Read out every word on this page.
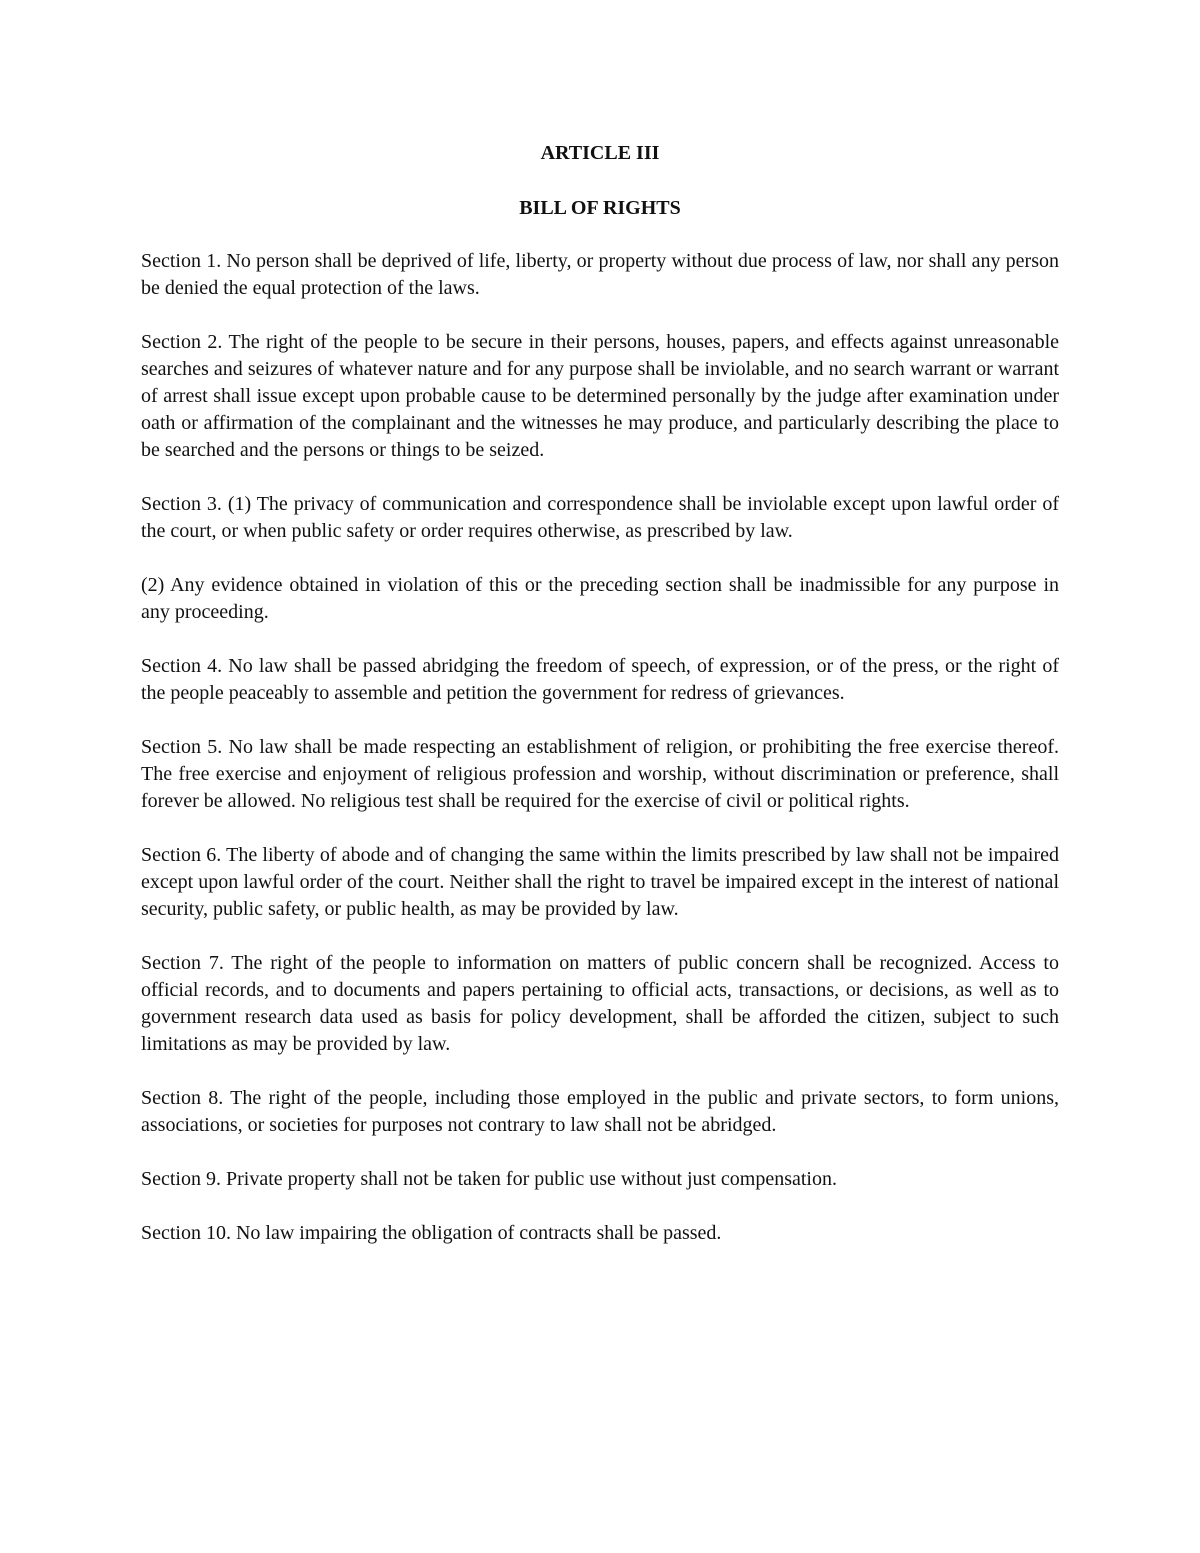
ARTICLE III

BILL OF RIGHTS

Section 1. No person shall be deprived of life, liberty, or property without due process of law, nor shall any person be denied the equal protection of the laws.

Section 2. The right of the people to be secure in their persons, houses, papers, and effects against unreasonable searches and seizures of whatever nature and for any purpose shall be inviolable, and no search warrant or warrant of arrest shall issue except upon probable cause to be determined personally by the judge after examination under oath or affirmation of the complainant and the witnesses he may produce, and particularly describing the place to be searched and the persons or things to be seized.

Section 3. (1) The privacy of communication and correspondence shall be inviolable except upon lawful order of the court, or when public safety or order requires otherwise, as prescribed by law.

(2) Any evidence obtained in violation of this or the preceding section shall be inadmissible for any purpose in any proceeding.

Section 4. No law shall be passed abridging the freedom of speech, of expression, or of the press, or the right of the people peaceably to assemble and petition the government for redress of grievances.

Section 5. No law shall be made respecting an establishment of religion, or prohibiting the free exercise thereof. The free exercise and enjoyment of religious profession and worship, without discrimination or preference, shall forever be allowed. No religious test shall be required for the exercise of civil or political rights.

Section 6. The liberty of abode and of changing the same within the limits prescribed by law shall not be impaired except upon lawful order of the court. Neither shall the right to travel be impaired except in the interest of national security, public safety, or public health, as may be provided by law.

Section 7. The right of the people to information on matters of public concern shall be recognized. Access to official records, and to documents and papers pertaining to official acts, transactions, or decisions, as well as to government research data used as basis for policy development, shall be afforded the citizen, subject to such limitations as may be provided by law.

Section 8. The right of the people, including those employed in the public and private sectors, to form unions, associations, or societies for purposes not contrary to law shall not be abridged.

Section 9. Private property shall not be taken for public use without just compensation.

Section 10. No law impairing the obligation of contracts shall be passed.
